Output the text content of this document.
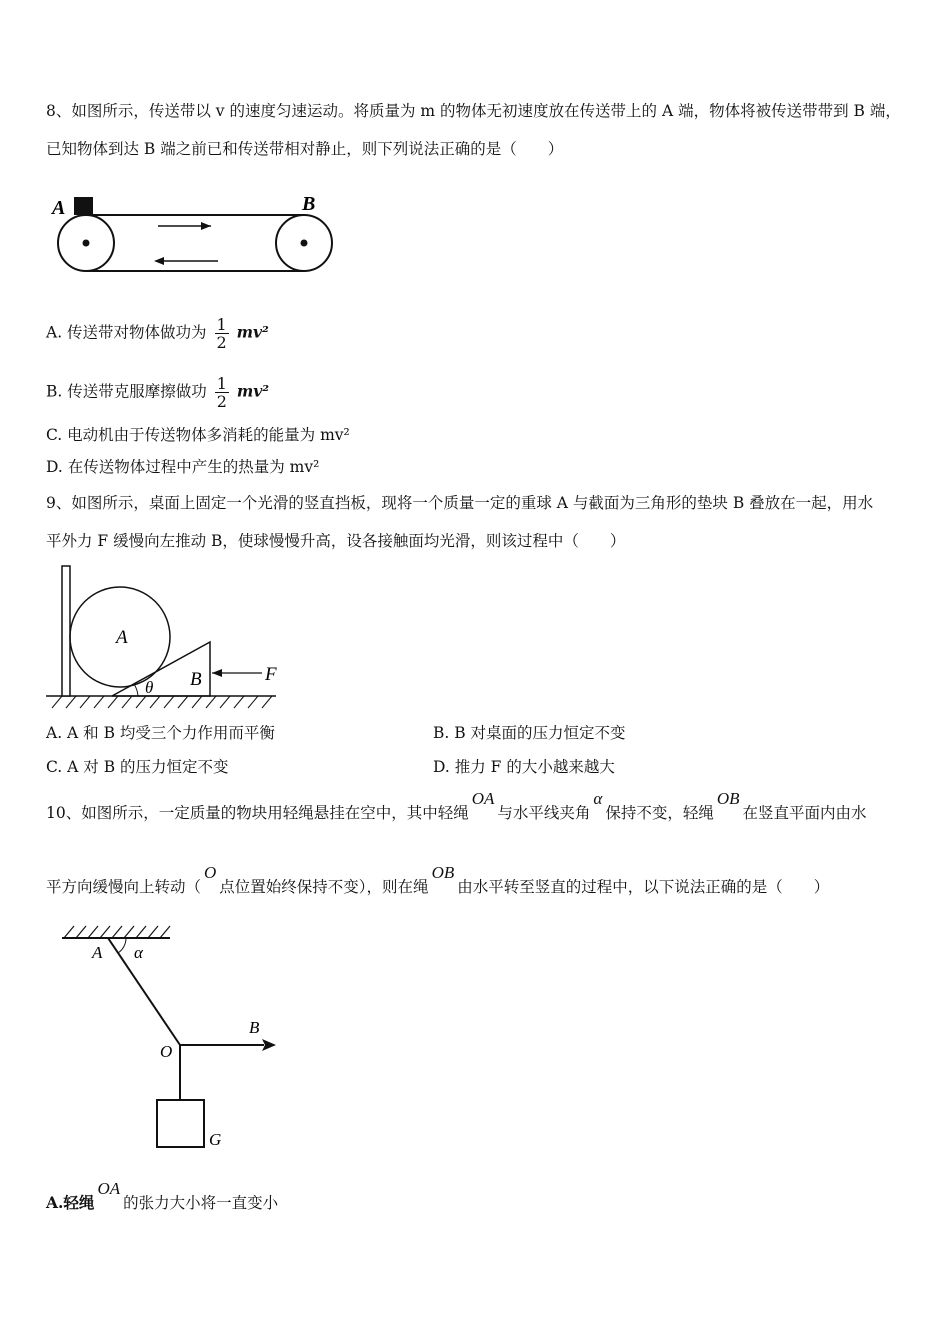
8、如图所示，传送带以 v 的速度匀速运动。将质量为 m 的物体无初速度放在传送带上的 A 端，物体将被传送带带到 B 端，
已知物体到达 B 端之前已和传送带相对静止，则下列说法正确的是（　　）
A	B
A. 传送带对物体做功为 $\frac{1}{2} mv^2$
B. 传送带克服摩擦做功 $\frac{1}{2} mv^2$
C. 电动机由于传送物体多消耗的能量为 mv²
D. 在传送物体过程中产生的热量为 mv²
9、如图所示，桌面上固定一个光滑的竖直挡板，现将一个质量一定的重球 A 与截面为三角形的垫块 B 叠放在一起，用水
平外力 F 缓慢向左推动 B，使球慢慢升高，设各接触面均光滑，则该过程中（　　）
A
B	F
θ
A. A 和 B 均受三个力作用而平衡	B. B 对桌面的压力恒定不变
C. A 对 B 的压力恒定不变	D. 推力 F 的大小越来越大
10、如图所示，一定质量的物块用轻绳悬挂在空中，其中轻绳OA与水平线夹角α保持不变，轻绳OB在竖直平面内由水
平方向缓慢向上转动（O点位置始终保持不变），则在绳OB由水平转至竖直的过程中，以下说法正确的是（　　）
A α
O
B
G
A.轻绳OA的张力大小将一直变小
